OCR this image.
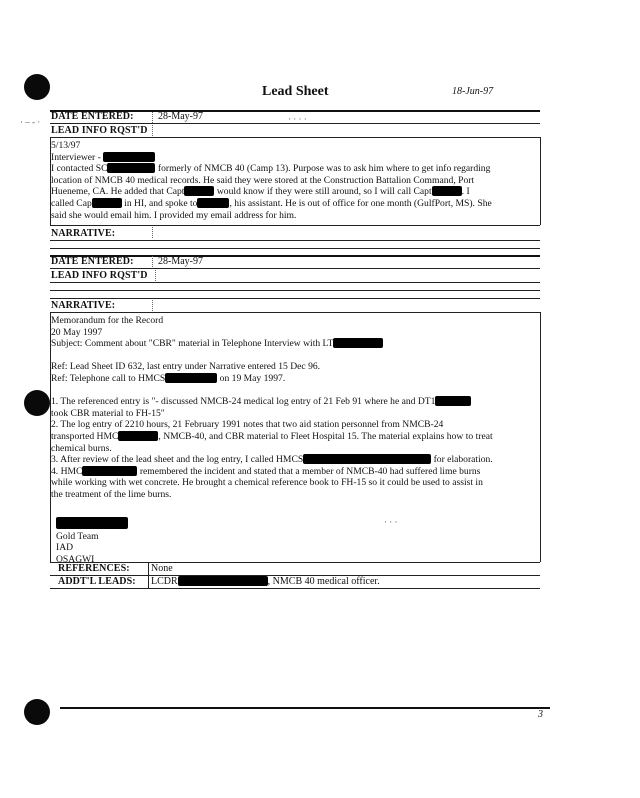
· – ‐ ·	· · · ·
· · ·
Lead Sheet	18-Jun-97
DATE ENTERED: 28-May-97
LEAD INFO RQST'D
5/13/97
Interviewer -
I contacted SC	formerly of NMCB 40 (Camp 13). Purpose was to ask him where to get info regarding
location of NMCB 40 medical records. He said they were stored at the Construction Battalion Command, Port
Hueneme, CA. He added that Capt	would know if they were still around, so I will call Capt	. I
called Cap	in HI, and spoke to	, his assistant. He is out of office for one month (GulfPort, MS). She
said she would email him. I provided my email address for him.
NARRATIVE:
DATE ENTERED: 28-May-97
LEAD INFO RQST'D
NARRATIVE:
Memorandum for the Record
20 May 1997
Subject: Comment about "CBR" material in Telephone Interview with LT

Ref: Lead Sheet ID 632, last entry under Narrative entered 15 Dec 96.
Ref: Telephone call to HMCS	on 19 May 1997.

1. The referenced entry is "- discussed NMCB-24 medical log entry of 21 Feb 91 where he and DT1
took CBR material to FH-15"
2. The log entry of 2210 hours, 21 February 1991 notes that two aid station personnel from NMCB-24
transported HMC	, NMCB-40, and CBR material to Fleet Hospital 15. The material explains how to treat
chemical burns.
3. After review of the lead sheet and the log entry, I called HMCS	for elaboration.
4. HMC	remembered the incident and stated that a member of NMCB-40 had suffered lime burns
while working with wet concrete. He brought a chemical reference book to FH-15 so it could be used to assist in
the treatment of the lime burns.
Gold Team
IAD
OSAGWI
REFERENCES: None
ADDT'L LEADS: LCDR	, NMCB 40 medical officer.
3
